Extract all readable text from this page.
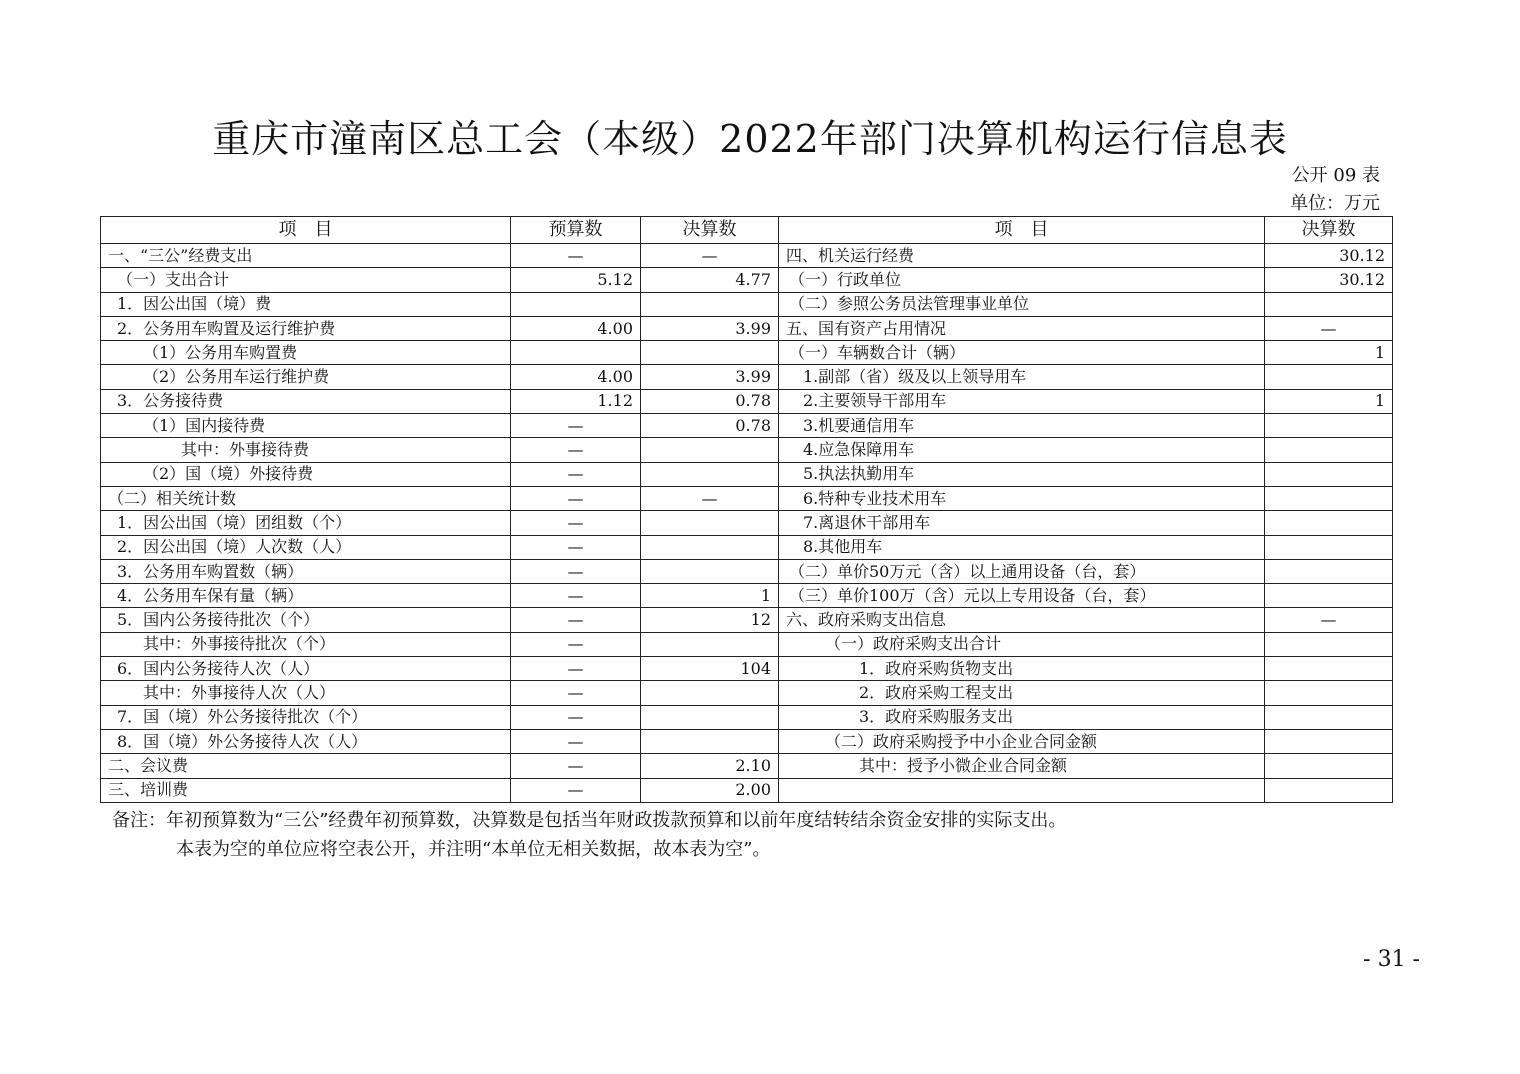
重庆市潼南区总工会（本级）2022年部门决算机构运行信息表
公开 09 表
单位：万元
项　目	预算数	决算数	项　目	决算数
一、“三公”经费支出	—	—	四、机关运行经费	30.12
（一）支出合计	5.12	4.77	（一）行政单位	30.12
1．因公出国（境）费			（二）参照公务员法管理事业单位	
2．公务用车购置及运行维护费	4.00	3.99	五、国有资产占用情况	—
（1）公务用车购置费			（一）车辆数合计（辆）	1
（2）公务用车运行维护费	4.00	3.99	1.副部（省）级及以上领导用车	
3．公务接待费	1.12	0.78	2.主要领导干部用车	1
（1）国内接待费	—	0.78	3.机要通信用车	
其中：外事接待费	—		4.应急保障用车	
（2）国（境）外接待费	—		5.执法执勤用车	
（二）相关统计数	—	—	6.特种专业技术用车	
1．因公出国（境）团组数（个）	—		7.离退休干部用车	
2．因公出国（境）人次数（人）	—		8.其他用车	
3．公务用车购置数（辆）	—		（二）单价50万元（含）以上通用设备（台，套）	
4．公务用车保有量（辆）	—	1	（三）单价100万（含）元以上专用设备（台，套）	
5．国内公务接待批次（个）	—	12	六、政府采购支出信息	—
其中：外事接待批次（个）	—		（一）政府采购支出合计	
6．国内公务接待人次（人）	—	104	1．政府采购货物支出	
其中：外事接待人次（人）	—		2．政府采购工程支出	
7．国（境）外公务接待批次（个）	—		3．政府采购服务支出	
8．国（境）外公务接待人次（人）	—		（二）政府采购授予中小企业合同金额	
二、会议费	—	2.10	其中：授予小微企业合同金额	
三、培训费	—	2.00		
备注：年初预算数为“三公”经费年初预算数，决算数是包括当年财政拨款预算和以前年度结转结余资金安排的实际支出。
本表为空的单位应将空表公开，并注明“本单位无相关数据，故本表为空”。
- 31 -
